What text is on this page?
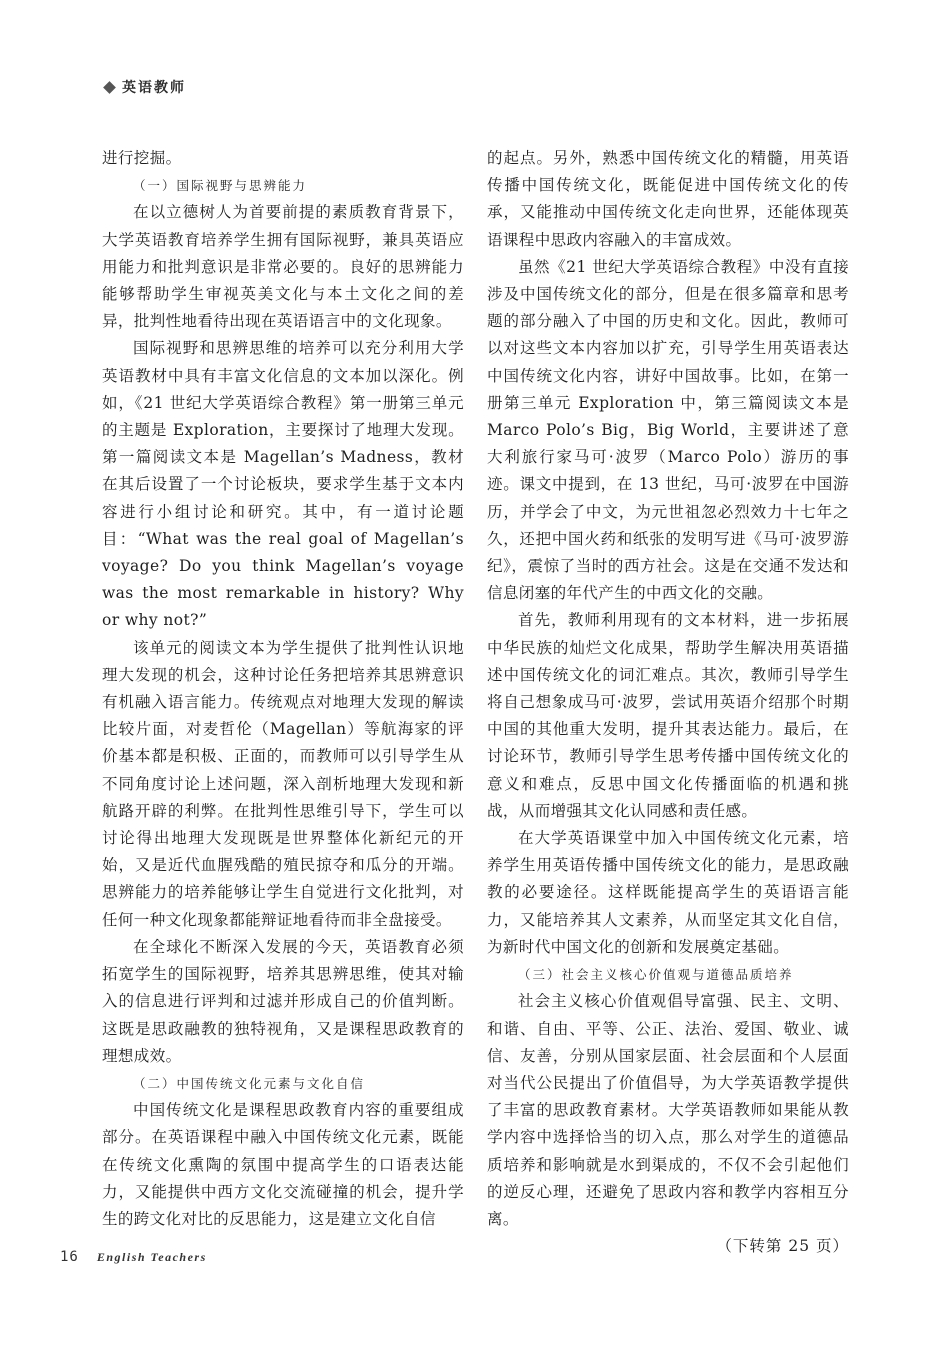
英语教师

进行挖掘。

（一）国际视野与思辨能力

在以立德树人为首要前提的素质教育背景下，大学英语教育培养学生拥有国际视野，兼具英语应用能力和批判意识是非常必要的。良好的思辨能力能够帮助学生审视英美文化与本土文化之间的差异，批判性地看待出现在英语语言中的文化现象。

国际视野和思辨思维的培养可以充分利用大学英语教材中具有丰富文化信息的文本加以深化。例如，《21 世纪大学英语综合教程》第一册第三单元的主题是 Exploration，主要探讨了地理大发现。第一篇阅读文本是 Magellan’s Madness，教材在其后设置了一个讨论板块，要求学生基于文本内容进行小组讨论和研究。其中，有一道讨论题目：“What was the real goal of Magellan’s voyage? Do you think Magellan’s voyage was the most remarkable in history? Why or why not?”

该单元的阅读文本为学生提供了批判性认识地理大发现的机会，这种讨论任务把培养其思辨意识有机融入语言能力。传统观点对地理大发现的解读比较片面，对麦哲伦（Magellan）等航海家的评价基本都是积极、正面的，而教师可以引导学生从不同角度讨论上述问题，深入剖析地理大发现和新航路开辟的利弊。在批判性思维引导下，学生可以讨论得出地理大发现既是世界整体化新纪元的开始，又是近代血腥残酷的殖民掠夺和瓜分的开端。思辨能力的培养能够让学生自觉进行文化批判，对任何一种文化现象都能辩证地看待而非全盘接受。

在全球化不断深入发展的今天，英语教育必须拓宽学生的国际视野，培养其思辨思维，使其对输入的信息进行评判和过滤并形成自己的价值判断。这既是思政融教的独特视角，又是课程思政教育的理想成效。

（二）中国传统文化元素与文化自信

中国传统文化是课程思政教育内容的重要组成部分。在英语课程中融入中国传统文化元素，既能在传统文化熏陶的氛围中提高学生的口语表达能力，又能提供中西方文化交流碰撞的机会，提升学生的跨文化对比的反思能力，这是建立文化自信

的起点。另外，熟悉中国传统文化的精髓，用英语传播中国传统文化，既能促进中国传统文化的传承，又能推动中国传统文化走向世界，还能体现英语课程中思政内容融入的丰富成效。

虽然《21 世纪大学英语综合教程》中没有直接涉及中国传统文化的部分，但是在很多篇章和思考题的部分融入了中国的历史和文化。因此，教师可以对这些文本内容加以扩充，引导学生用英语表达中国传统文化内容，讲好中国故事。比如，在第一册第三单元 Exploration 中，第三篇阅读文本是 Marco Polo’s Big，Big World，主要讲述了意大利旅行家马可·波罗（Marco Polo）游历的事迹。课文中提到，在 13 世纪，马可·波罗在中国游历，并学会了中文，为元世祖忽必烈效力十七年之久，还把中国火药和纸张的发明写进《马可·波罗游纪》，震惊了当时的西方社会。这是在交通不发达和信息闭塞的年代产生的中西文化的交融。

首先，教师利用现有的文本材料，进一步拓展中华民族的灿烂文化成果，帮助学生解决用英语描述中国传统文化的词汇难点。其次，教师引导学生将自己想象成马可·波罗，尝试用英语介绍那个时期中国的其他重大发明，提升其表达能力。最后，在讨论环节，教师引导学生思考传播中国传统文化的意义和难点，反思中国文化传播面临的机遇和挑战，从而增强其文化认同感和责任感。

在大学英语课堂中加入中国传统文化元素，培养学生用英语传播中国传统文化的能力，是思政融教的必要途径。这样既能提高学生的英语语言能力，又能培养其人文素养，从而坚定其文化自信，为新时代中国文化的创新和发展奠定基础。

（三）社会主义核心价值观与道德品质培养

社会主义核心价值观倡导富强、民主、文明、和谐、自由、平等、公正、法治、爱国、敬业、诚信、友善，分别从国家层面、社会层面和个人层面对当代公民提出了价值倡导，为大学英语教学提供了丰富的思政教育素材。大学英语教师如果能从教学内容中选择恰当的切入点，那么对学生的道德品质培养和影响就是水到渠成的，不仅不会引起他们的逆反心理，还避免了思政内容和教学内容相互分离。

（下转第 25 页）

16 English Teachers
